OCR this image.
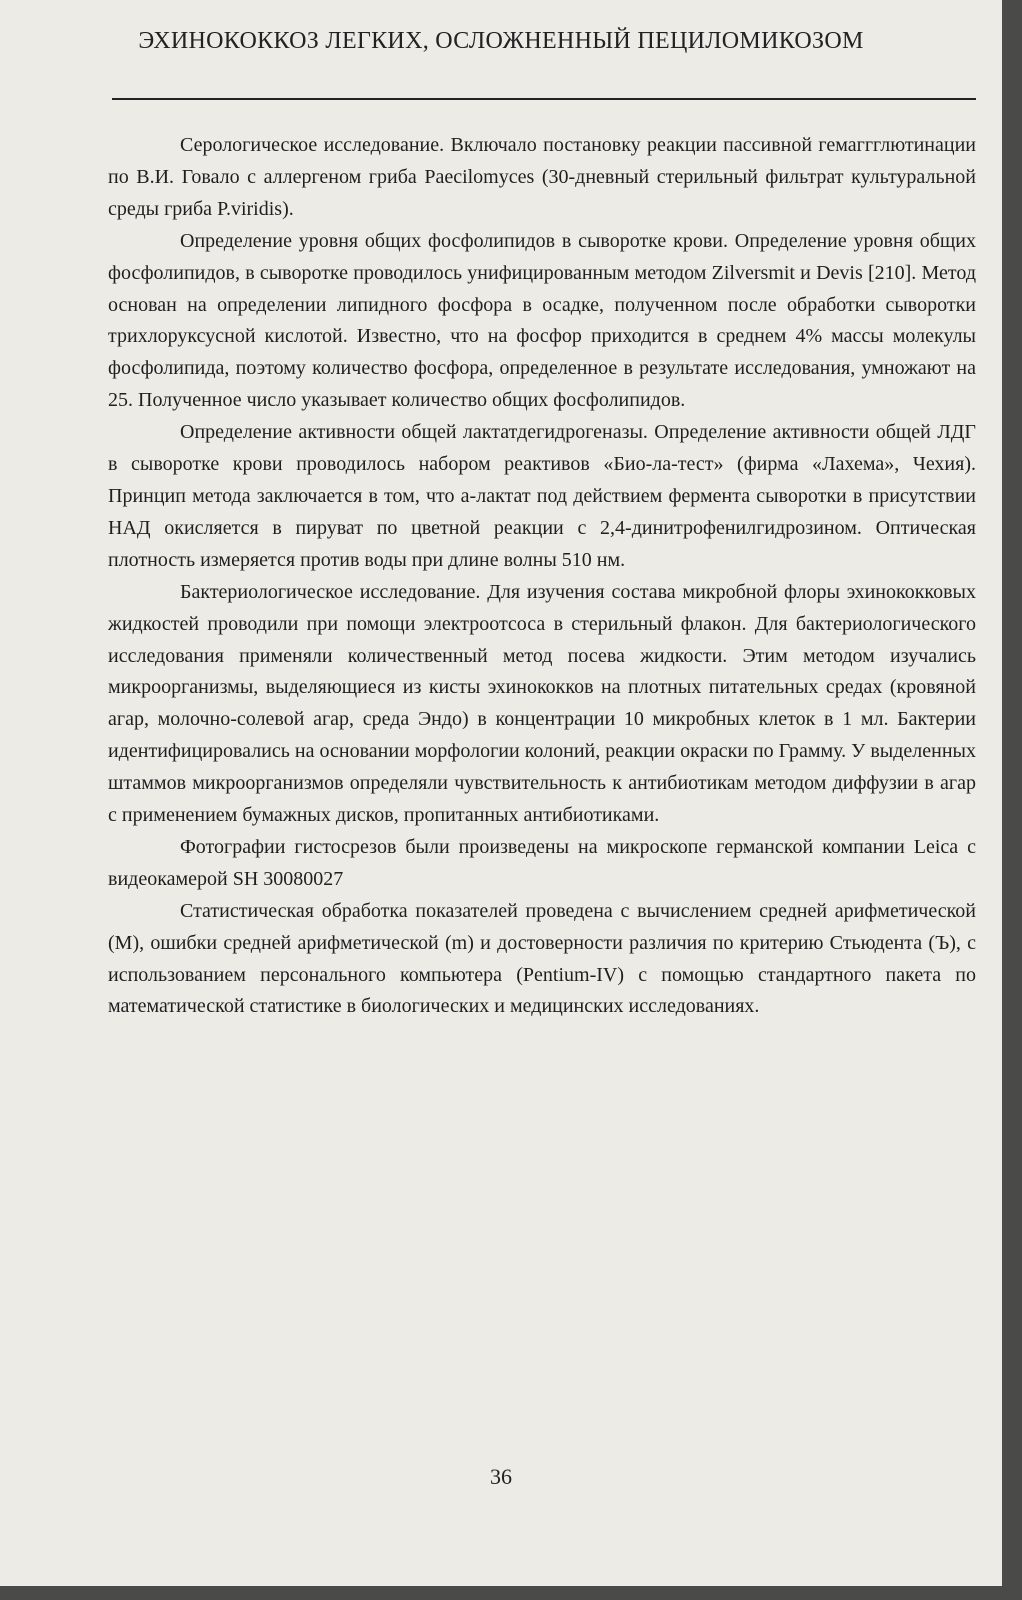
ЭХИНОКОККОЗ ЛЕГКИХ, ОСЛОЖНЕННЫЙ ПЕЦИЛОМИКОЗОМ

Серологическое исследование. Включало постановку реакции пассивной гемаггглютинации по В.И. Говало с аллергеном гриба Paecilomyces (30-дневный стерильный фильтрат культуральной среды гриба P.viridis).

Определение уровня общих фосфолипидов в сыворотке крови. Определение уровня общих фосфолипидов, в сыворотке проводилось унифицированным методом Zilversmit и Devis [210]. Метод основан на определении липидного фосфора в осадке, полученном после обработки сыворотки трихлоруксусной кислотой. Известно, что на фосфор приходится в среднем 4% массы молекулы фосфолипида, поэтому количество фосфора, определенное в результате исследования, умножают на 25. Полученное число указывает количество общих фосфолипидов.

Определение активности общей лактатдегидрогеназы. Определение активности общей ЛДГ в сыворотке крови проводилось набором реактивов «Био-ла-тест» (фирма «Лахема», Чехия). Принцип метода заключается в том, что а-лактат под действием фермента сыворотки в присутствии НАД окисляется в пируват по цветной реакции с 2,4-динитрофенилгидрозином. Оптическая плотность измеряется против воды при длине волны 510 нм.

Бактериологическое исследование. Для изучения состава микробной флоры эхинококковых жидкостей проводили при помощи электроотсоса в стерильный флакон. Для бактериологического исследования применяли количественный метод посева жидкости. Этим методом изучались микроорганизмы, выделяющиеся из кисты эхинококков на плотных питательных средах (кровяной агар, молочно-солевой агар, среда Эндо) в концентрации 10 микробных клеток в 1 мл. Бактерии идентифицировались на основании морфологии колоний, реакции окраски по Грамму. У выделенных штаммов микроорганизмов определяли чувствительность к антибиотикам методом диффузии в агар с применением бумажных дисков, пропитанных антибиотиками.

Фотографии гистосрезов были произведены на микроскопе германской компании Leica с видеокамерой SH 30080027

Статистическая обработка показателей проведена с вычислением средней арифметической (М), ошибки средней арифметической (m) и достоверности различия по критерию Стьюдента (Ъ), с использованием персонального компьютера (Pentium-IV) с помощью стандартного пакета по математической статистике в биологических и медицинских исследованиях.

36
